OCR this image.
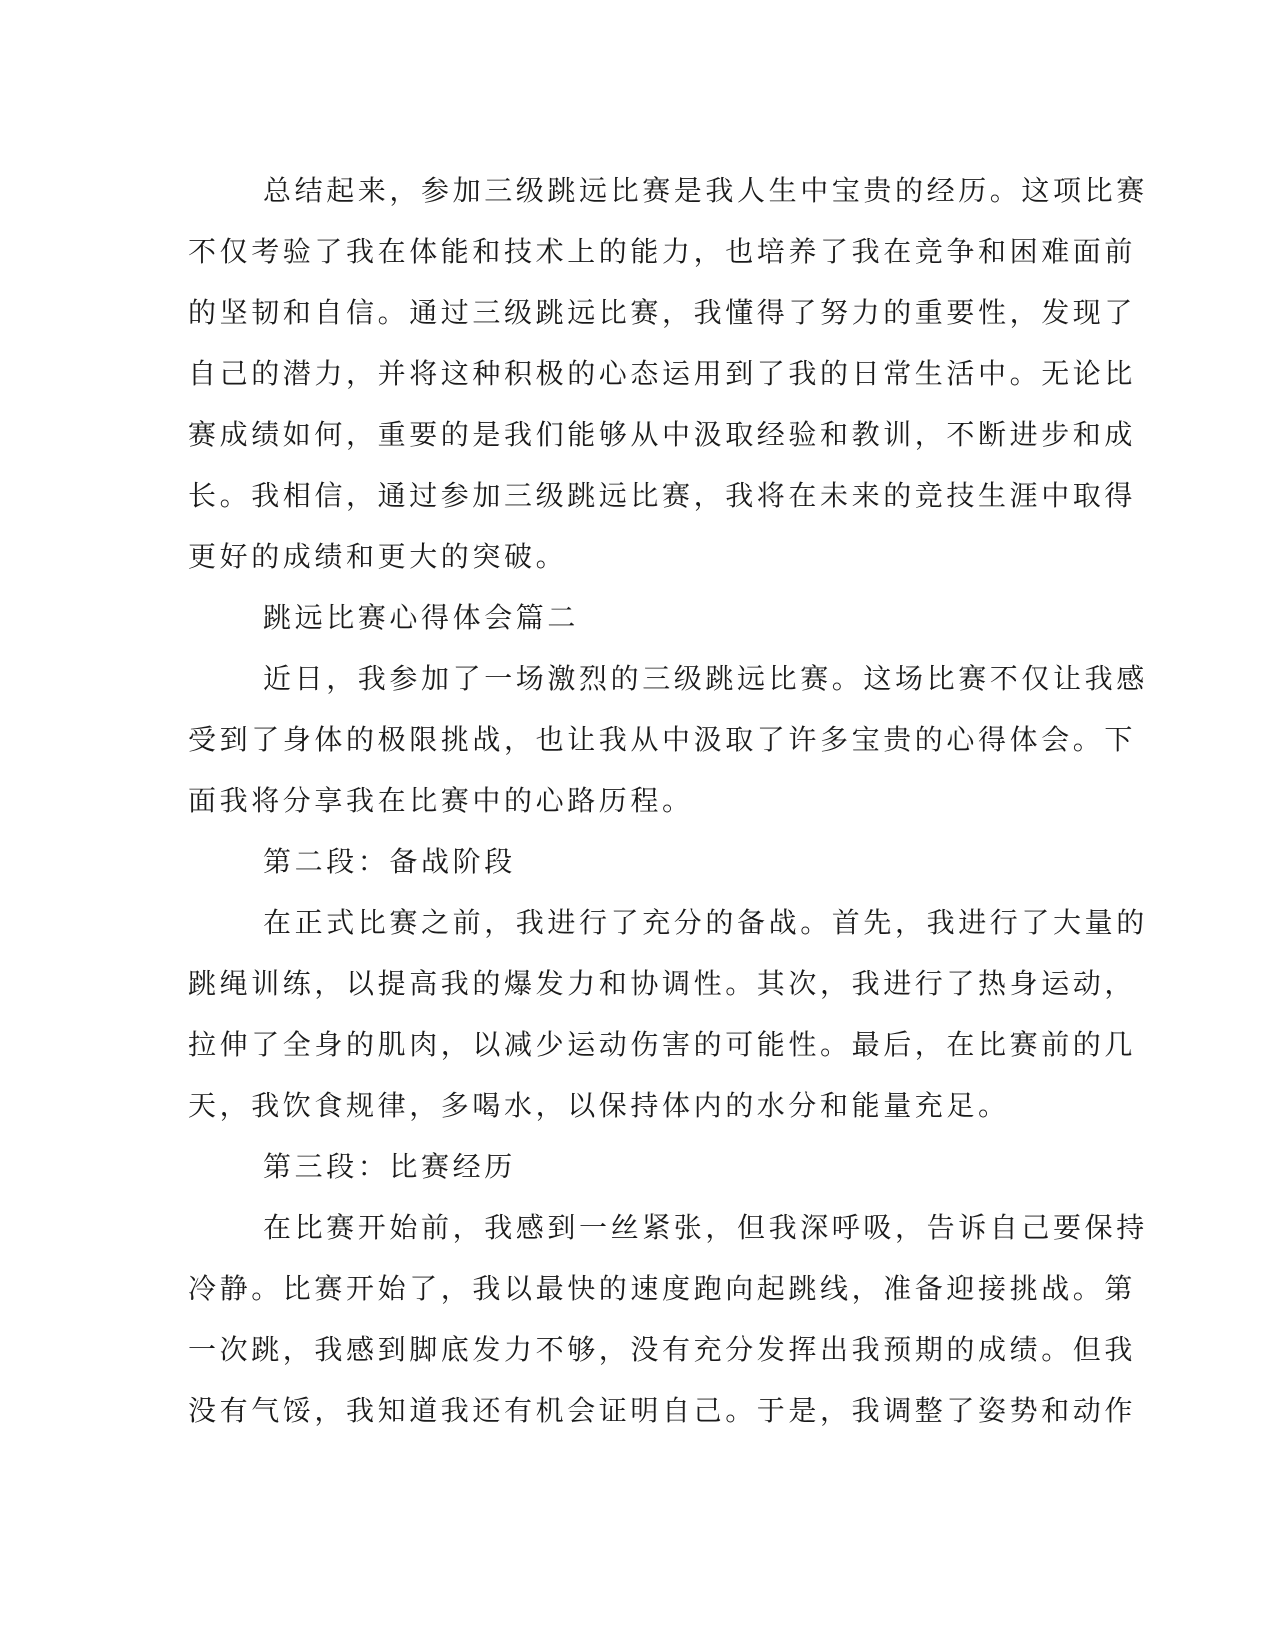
总结起来，参加三级跳远比赛是我人生中宝贵的经历。这项比赛
不仅考验了我在体能和技术上的能力，也培养了我在竞争和困难面前
的坚韧和自信。通过三级跳远比赛，我懂得了努力的重要性，发现了
自己的潜力，并将这种积极的心态运用到了我的日常生活中。无论比
赛成绩如何，重要的是我们能够从中汲取经验和教训，不断进步和成
长。我相信，通过参加三级跳远比赛，我将在未来的竞技生涯中取得
更好的成绩和更大的突破。
跳远比赛心得体会篇二
近日，我参加了一场激烈的三级跳远比赛。这场比赛不仅让我感
受到了身体的极限挑战，也让我从中汲取了许多宝贵的心得体会。下
面我将分享我在比赛中的心路历程。
第二段：备战阶段
在正式比赛之前，我进行了充分的备战。首先，我进行了大量的
跳绳训练，以提高我的爆发力和协调性。其次，我进行了热身运动，
拉伸了全身的肌肉，以减少运动伤害的可能性。最后，在比赛前的几
天，我饮食规律，多喝水，以保持体内的水分和能量充足。
第三段：比赛经历
在比赛开始前，我感到一丝紧张，但我深呼吸，告诉自己要保持
冷静。比赛开始了，我以最快的速度跑向起跳线，准备迎接挑战。第
一次跳，我感到脚底发力不够，没有充分发挥出我预期的成绩。但我
没有气馁，我知道我还有机会证明自己。于是，我调整了姿势和动作
